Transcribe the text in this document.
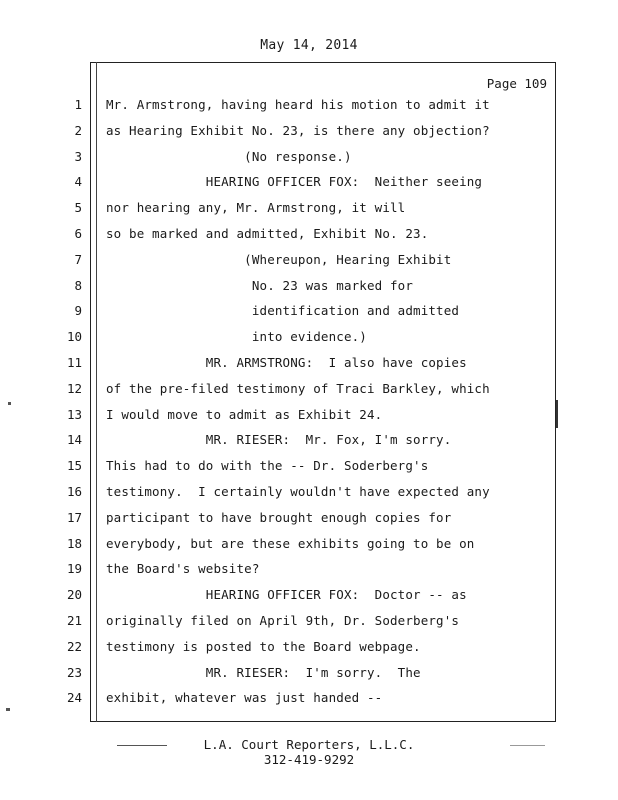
May 14, 2014
Page 109
1 Mr. Armstrong, having heard his motion to admit it
2 as Hearing Exhibit No. 23, is there any objection?
3 (No response.)
4 HEARING OFFICER FOX:  Neither seeing
5 nor hearing any, Mr. Armstrong, it will
6 so be marked and admitted, Exhibit No. 23.
7 (Whereupon, Hearing Exhibit
8 No. 23 was marked for
9 identification and admitted
10 into evidence.)
11 MR. ARMSTRONG:  I also have copies
12 of the pre-filed testimony of Traci Barkley, which
13 I would move to admit as Exhibit 24.
14 MR. RIESER:  Mr. Fox, I'm sorry.
15 This had to do with the -- Dr. Soderberg's
16 testimony.  I certainly wouldn't have expected any
17 participant to have brought enough copies for
18 everybody, but are these exhibits going to be on
19 the Board's website?
20 HEARING OFFICER FOX:  Doctor -- as
21 originally filed on April 9th, Dr. Soderberg's
22 testimony is posted to the Board webpage.
23 MR. RIESER:  I'm sorry.  The
24 exhibit, whatever was just handed --
L.A. Court Reporters, L.L.C.
312-419-9292
